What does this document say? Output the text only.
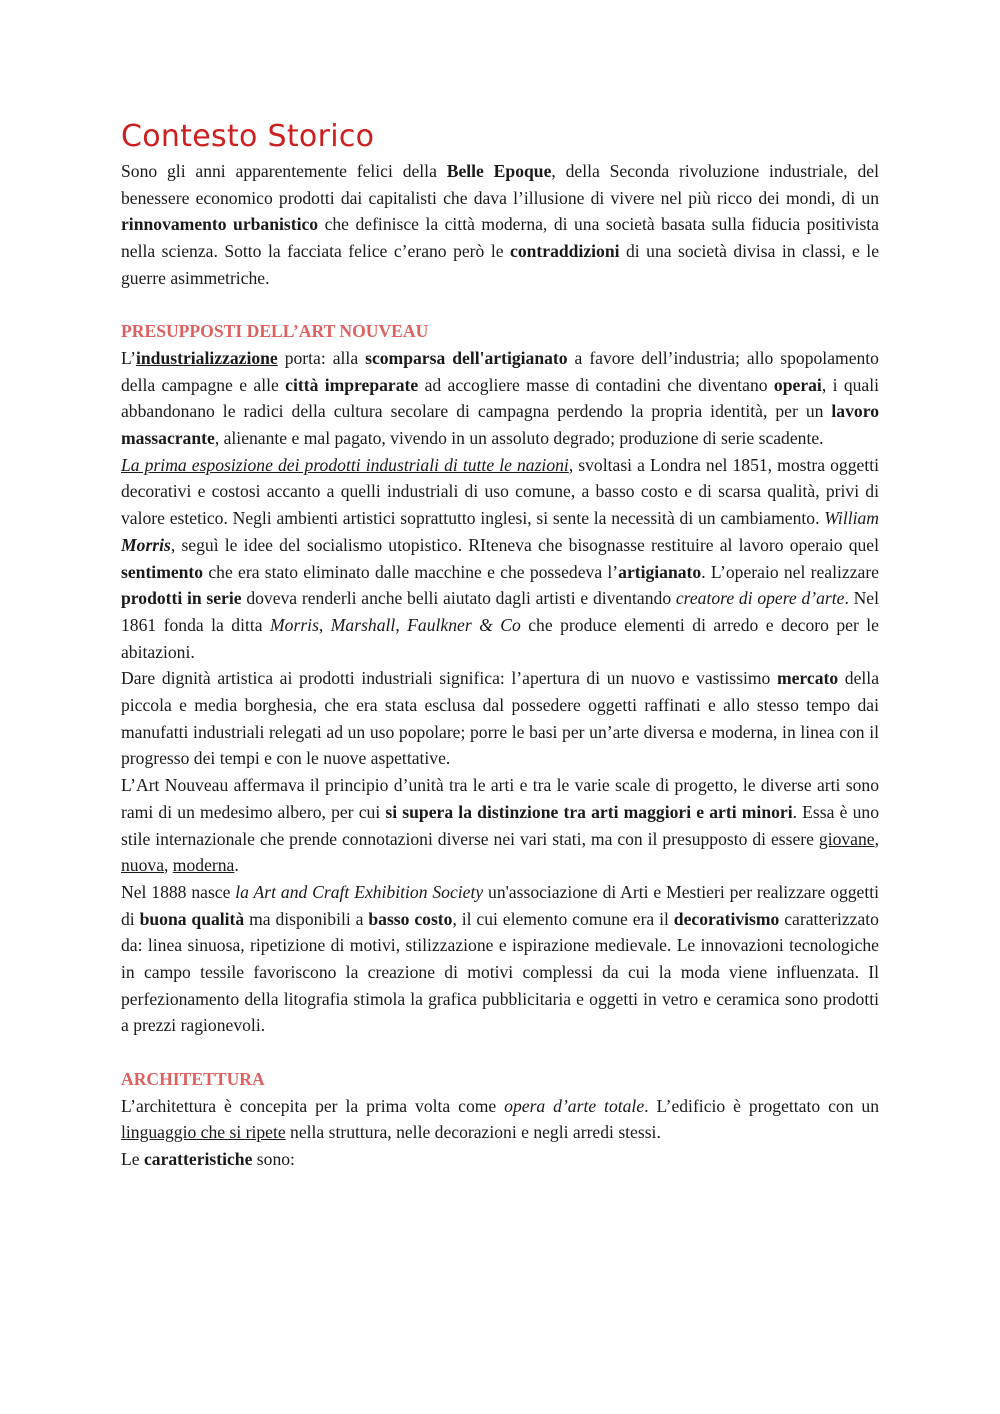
Contesto Storico

Sono gli anni apparentemente felici della Belle Epoque, della Seconda rivoluzione industriale, del benessere economico prodotti dai capitalisti che dava l’illusione di vivere nel più ricco dei mondi, di un rinnovamento urbanistico che definisce la città moderna, di una società basata sulla fiducia positivista nella scienza. Sotto la facciata felice c’erano però le contraddizioni di una società divisa in classi, e le guerre asimmetriche.

PRESUPPOSTI DELL’ART NOUVEAU

L’industrializzazione porta: alla scomparsa dell'artigianato a favore dell’industria; allo spopolamento della campagne e alle città impreparate ad accogliere masse di contadini che diventano operai, i quali abbandonano le radici della cultura secolare di campagna perdendo la propria identità, per un lavoro massacrante, alienante e mal pagato, vivendo in un assoluto degrado; produzione di serie scadente.

La prima esposizione dei prodotti industriali di tutte le nazioni, svoltasi a Londra nel 1851, mostra oggetti decorativi e costosi accanto a quelli industriali di uso comune, a basso costo e di scarsa qualità, privi di valore estetico. Negli ambienti artistici soprattutto inglesi, si sente la necessità di un cambiamento. William Morris, seguì le idee del socialismo utopistico. RIteneva che bisognasse restituire al lavoro operaio quel sentimento che era stato eliminato dalle macchine e che possedeva l’artigianato. L’operaio nel realizzare prodotti in serie doveva renderli anche belli aiutato dagli artisti e diventando creatore di opere d’arte. Nel 1861 fonda la ditta Morris, Marshall, Faulkner & Co che produce elementi di arredo e decoro per le abitazioni.

Dare dignità artistica ai prodotti industriali significa: l’apertura di un nuovo e vastissimo mercato della piccola e media borghesia, che era stata esclusa dal possedere oggetti raffinati e allo stesso tempo dai manufatti industriali relegati ad un uso popolare; porre le basi per un’arte diversa e moderna, in linea con il progresso dei tempi e con le nuove aspettative.

L’Art Nouveau affermava il principio d’unità tra le arti e tra le varie scale di progetto, le diverse arti sono rami di un medesimo albero, per cui si supera la distinzione tra arti maggiori e arti minori. Essa è uno stile internazionale che prende connotazioni diverse nei vari stati, ma con il presupposto di essere giovane, nuova, moderna.

Nel 1888 nasce la Art and Craft Exhibition Society un'associazione di Arti e Mestieri per realizzare oggetti di buona qualità ma disponibili a basso costo, il cui elemento comune era il decorativismo caratterizzato da: linea sinuosa, ripetizione di motivi, stilizzazione e ispirazione medievale. Le innovazioni tecnologiche in campo tessile favoriscono la creazione di motivi complessi da cui la moda viene influenzata. Il perfezionamento della litografia stimola la grafica pubblicitaria e oggetti in vetro e ceramica sono prodotti a prezzi ragionevoli.

ARCHITETTURA

L’architettura è concepita per la prima volta come opera d’arte totale. L’edificio è progettato con un linguaggio che si ripete nella struttura, nelle decorazioni e negli arredi stessi.

Le caratteristiche sono:
